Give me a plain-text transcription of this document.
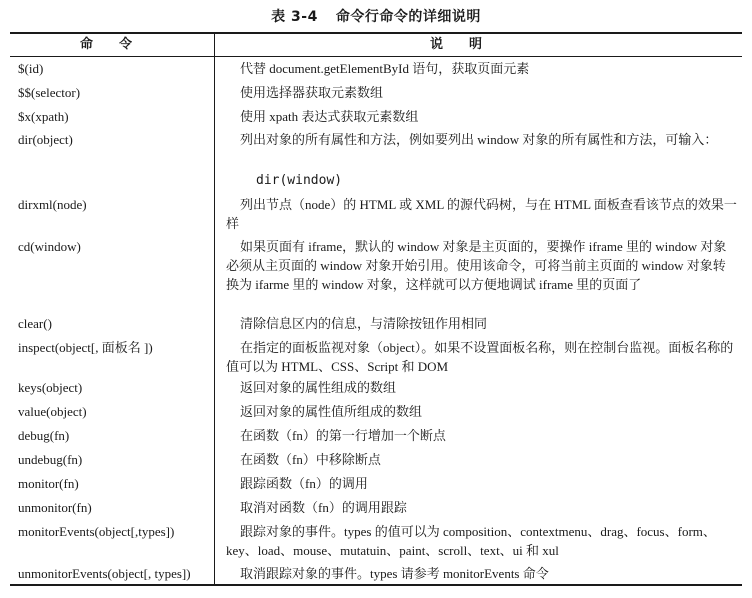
表 3-4 命令行命令的详细说明
命令	说明
$(id)	代替 document.getElementById 语句，获取页面元素
$$(selector)	使用选择器获取元素数组
$x(xpath)	使用 xpath 表达式获取元素数组
dir(object)	列出对象的所有属性和方法，例如要列出 window 对象的所有属性和方法，可输入：
dir(window)
dirxml(node)	列出节点（node）的 HTML 或 XML 的源代码树，与在 HTML 面板查看该节点的效果一样
cd(window)	如果页面有 iframe，默认的 window 对象是主页面的，要操作 iframe 里的 window 对象必须从主页面的 window 对象开始引用。使用该命令，可将当前主页面的 window 对象转换为 ifarme 里的 window 对象，这样就可以方便地调试 iframe 里的页面了
clear()	清除信息区内的信息，与清除按钮作用相同
inspect(object[, 面板名 ])	在指定的面板监视对象（object）。如果不设置面板名称，则在控制台监视。面板名称的值可以为 HTML、CSS、Script 和 DOM
keys(object)	返回对象的属性组成的数组
value(object)	返回对象的属性值所组成的数组
debug(fn)	在函数（fn）的第一行增加一个断点
undebug(fn)	在函数（fn）中移除断点
monitor(fn)	跟踪函数（fn）的调用
unmonitor(fn)	取消对函数（fn）的调用跟踪
monitorEvents(object[,types])	跟踪对象的事件。types 的值可以为 composition、contextmenu、drag、focus、form、key、load、mouse、mutatuin、paint、scroll、text、ui 和 xul
unmonitorEvents(object[, types])	取消跟踪对象的事件。types 请参考 monitorEvents 命令
